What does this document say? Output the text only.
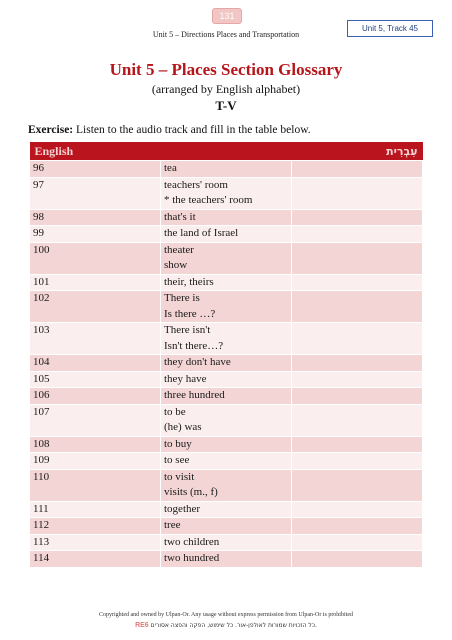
131
Unit 5 – Directions Places and Transportation
Unit 5, Track 45
Unit 5 – Places Section Glossary
(arranged by English alphabet)
T-V
Exercise: Listen to the audio track and fill in the table below.
English		עִבְרִית
96	tea	
97	teachers' room	
	* the teachers' room	
98	that's it	
99	the land of Israel	
100	theater	
	show	
101	their, theirs	
102	There is	
	Is there …?	
103	There isn't	
	Isn't there…?	
104	they don't have	
105	they have	
106	three hundred	
107	to be	
	(he) was	
108	to buy	
109	to see	
110	to visit	
	visits (m., f)	
111	together	
112	tree	
113	two children	
114	two hundred	
Copyrighted and owned by Ulpan-Or. Any usage without express permission from Ulpan-Or is prohibited
RE6 כל הזכויות שמורות לאולפן-אור. כל שימוש, הפקה והפצה אסורים.
